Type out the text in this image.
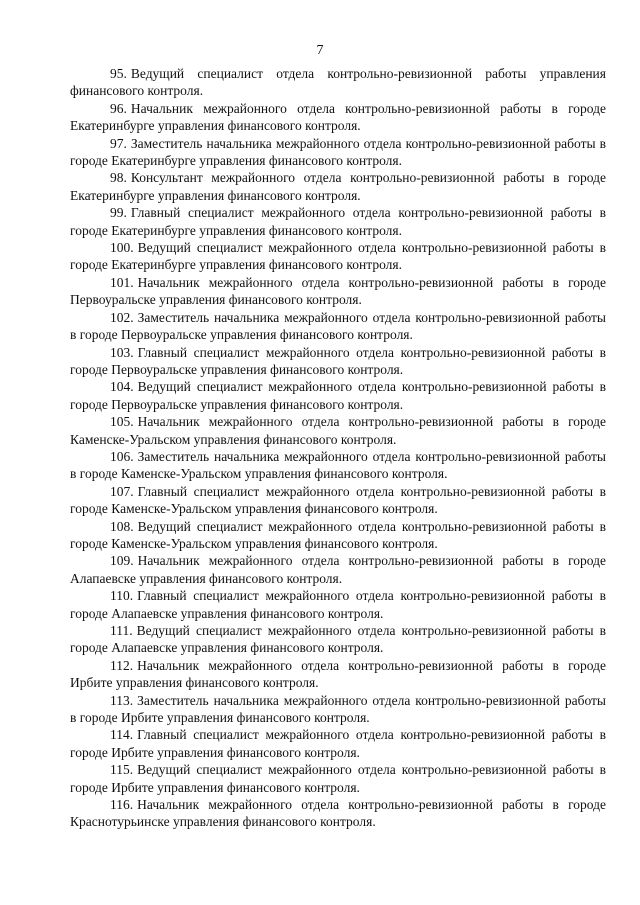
7

95. Ведущий специалист отдела контрольно-ревизионной работы управления финансового контроля.

96. Начальник межрайонного отдела контрольно-ревизионной работы в городе Екатеринбурге управления финансового контроля.

97. Заместитель начальника межрайонного отдела контрольно-ревизионной работы в городе Екатеринбурге управления финансового контроля.

98. Консультант межрайонного отдела контрольно-ревизионной работы в городе Екатеринбурге управления финансового контроля.

99. Главный специалист межрайонного отдела контрольно-ревизионной работы в городе Екатеринбурге управления финансового контроля.

100. Ведущий специалист межрайонного отдела контрольно-ревизионной работы в городе Екатеринбурге управления финансового контроля.

101. Начальник межрайонного отдела контрольно-ревизионной работы в городе Первоуральске управления финансового контроля.

102. Заместитель начальника межрайонного отдела контрольно-ревизионной работы в городе Первоуральске управления финансового контроля.

103. Главный специалист межрайонного отдела контрольно-ревизионной работы в городе Первоуральске управления финансового контроля.

104. Ведущий специалист межрайонного отдела контрольно-ревизионной работы в городе Первоуральске управления финансового контроля.

105. Начальник межрайонного отдела контрольно-ревизионной работы в городе Каменске-Уральском управления финансового контроля.

106. Заместитель начальника межрайонного отдела контрольно-ревизионной работы в городе Каменске-Уральском управления финансового контроля.

107. Главный специалист межрайонного отдела контрольно-ревизионной работы в городе Каменске-Уральском управления финансового контроля.

108. Ведущий специалист межрайонного отдела контрольно-ревизионной работы в городе Каменске-Уральском управления финансового контроля.

109. Начальник межрайонного отдела контрольно-ревизионной работы в городе Алапаевске управления финансового контроля.

110. Главный специалист межрайонного отдела контрольно-ревизионной работы в городе Алапаевске управления финансового контроля.

111. Ведущий специалист межрайонного отдела контрольно-ревизионной работы в городе Алапаевске управления финансового контроля.

112. Начальник межрайонного отдела контрольно-ревизионной работы в городе Ирбите управления финансового контроля.

113. Заместитель начальника межрайонного отдела контрольно-ревизионной работы в городе Ирбите управления финансового контроля.

114. Главный специалист межрайонного отдела контрольно-ревизионной работы в городе Ирбите управления финансового контроля.

115. Ведущий специалист межрайонного отдела контрольно-ревизионной работы в городе Ирбите управления финансового контроля.

116. Начальник межрайонного отдела контрольно-ревизионной работы в городе Краснотурьинске управления финансового контроля.
